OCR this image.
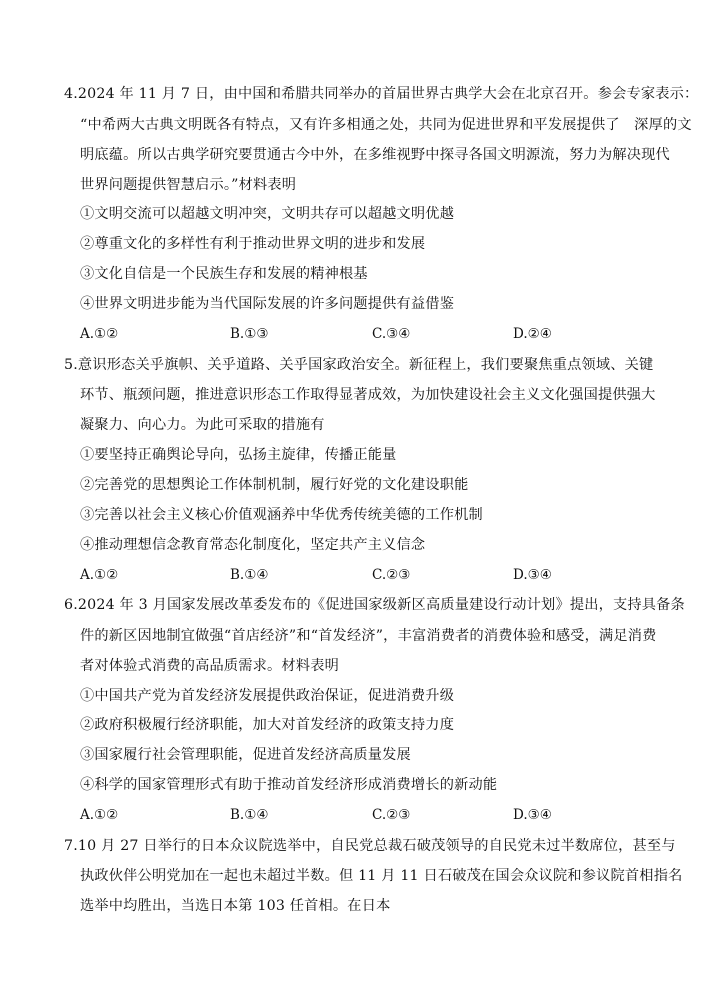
4.2024 年 11 月 7 日，由中国和希腊共同举办的首届世界古典学大会在北京召开。参会专家表示：
“中希两大古典文明既各有特点，又有许多相通之处，共同为促进世界和平发展提供了　深厚的文
明底蕴。所以古典学研究要贯通古今中外，在多维视野中探寻各国文明源流，努力为解决现代
世界问题提供智慧启示。”材料表明
①文明交流可以超越文明冲突，文明共存可以超越文明优越
②尊重文化的多样性有利于推动世界文明的进步和发展
③文化自信是一个民族生存和发展的精神根基
④世界文明进步能为当代国际发展的许多问题提供有益借鉴
A.①②	B.①③	C.③④	D.②④
5.意识形态关乎旗帜、关乎道路、关乎国家政治安全。新征程上，我们要聚焦重点领域、关键
环节、瓶颈问题，推进意识形态工作取得显著成效，为加快建设社会主义文化强国提供强大
凝聚力、向心力。为此可采取的措施有
①要坚持正确舆论导向，弘扬主旋律，传播正能量
②完善党的思想舆论工作体制机制，履行好党的文化建设职能
③完善以社会主义核心价值观涵养中华优秀传统美德的工作机制
④推动理想信念教育常态化制度化，坚定共产主义信念
A.①②	B.①④	C.②③	D.③④
6.2024 年 3 月国家发展改革委发布的《促进国家级新区高质量建设行动计划》提出，支持具备条
件的新区因地制宜做强“首店经济”和“首发经济”，丰富消费者的消费体验和感受，满足消费
者对体验式消费的高品质需求。材料表明
①中国共产党为首发经济发展提供政治保证，促进消费升级
②政府积极履行经济职能，加大对首发经济的政策支持力度
③国家履行社会管理职能，促进首发经济高质量发展
④科学的国家管理形式有助于推动首发经济形成消费增长的新动能
A.①②	B.①④	C.②③	D.③④
7.10 月 27 日举行的日本众议院选举中，自民党总裁石破茂领导的自民党未过半数席位，甚至与
执政伙伴公明党加在一起也未超过半数。但 11 月 11 日石破茂在国会众议院和参议院首相指名
选举中均胜出，当选日本第 103 任首相。在日本
